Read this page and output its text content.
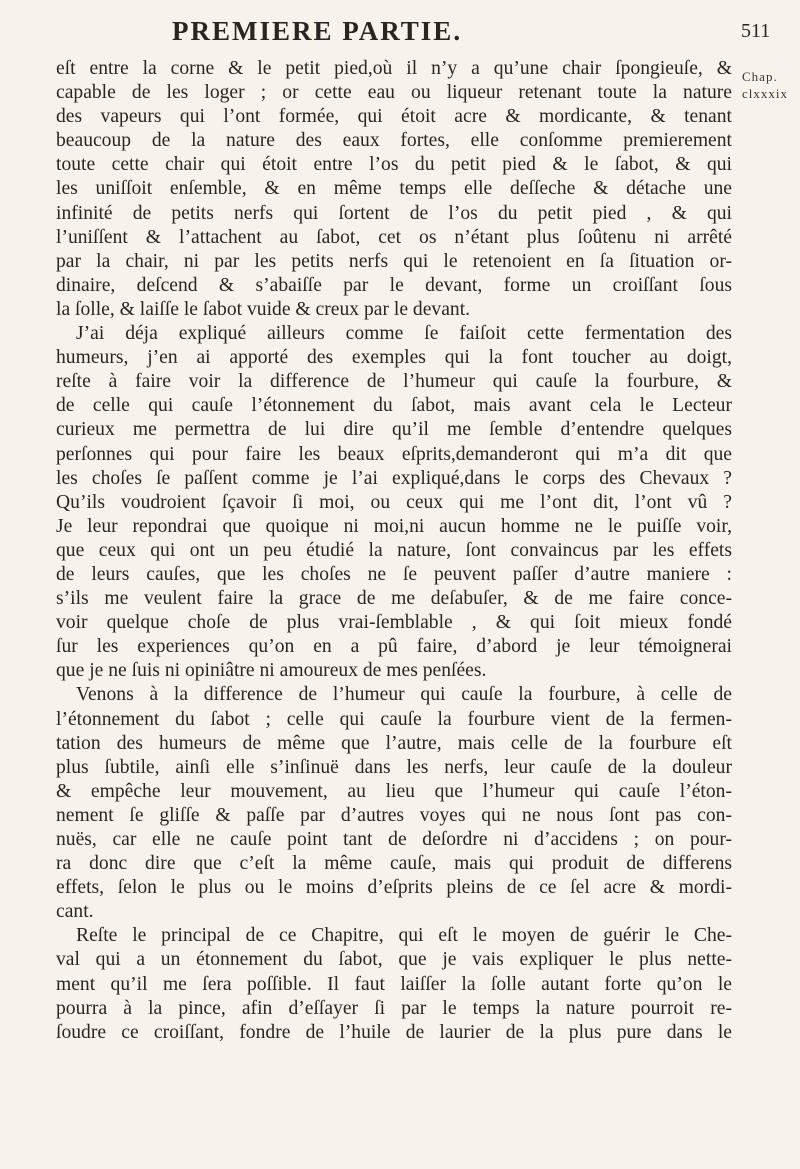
PREMIERE PARTIE.	511
Chap.
clxxxix
eſt entre la corne & le petit pied,où il n’y a qu’une chair ſpongieuſe, &
capable de les loger ; or cette eau ou liqueur retenant toute la nature
des vapeurs qui l’ont formée, qui étoit acre & mordicante, & tenant
beaucoup de la nature des eaux fortes, elle conſomme premierement
toute cette chair qui étoit entre l’os du petit pied & le ſabot, & qui
les uniſſoit enſemble, & en même temps elle deſſeche & détache une
infinité de petits nerfs qui ſortent de l’os du petit pied , & qui
l’uniſſent & l’attachent au ſabot, cet os n’étant plus ſoûtenu ni arrêté
par la chair, ni par les petits nerfs qui le retenoient en ſa ſituation or-
dinaire, deſcend & s’abaiſſe par le devant, forme un croiſſant ſous
la ſolle, & laiſſe le ſabot vuide & creux par le devant.
J’ai déja expliqué ailleurs comme ſe faiſoit cette fermentation des
humeurs, j’en ai apporté des exemples qui la font toucher au doigt,
reſte à faire voir la difference de l’humeur qui cauſe la fourbure, &
de celle qui cauſe l’étonnement du ſabot, mais avant cela le Lecteur
curieux me permettra de lui dire qu’il me ſemble d’entendre quelques
perſonnes qui pour faire les beaux eſprits,demanderont qui m’a dit que
les choſes ſe paſſent comme je l’ai expliqué,dans le corps des Chevaux ?
Qu’ils voudroient ſçavoir ſi moi, ou ceux qui me l’ont dit, l’ont vû ?
Je leur repondrai que quoique ni moi,ni aucun homme ne le puiſſe voir,
que ceux qui ont un peu étudié la nature, ſont convaincus par les effets
de leurs cauſes, que les choſes ne ſe peuvent paſſer d’autre maniere :
s’ils me veulent faire la grace de me deſabuſer, & de me faire conce-
voir quelque choſe de plus vrai-ſemblable , & qui ſoit mieux fondé
ſur les experiences qu’on en a pû faire, d’abord je leur témoignerai
que je ne ſuis ni opiniâtre ni amoureux de mes penſées.
Venons à la difference de l’humeur qui cauſe la fourbure, à celle de
l’étonnement du ſabot ; celle qui cauſe la fourbure vient de la fermen-
tation des humeurs de même que l’autre, mais celle de la fourbure eſt
plus ſubtile, ainſi elle s’inſinuë dans les nerfs, leur cauſe de la douleur
& empêche leur mouvement, au lieu que l’humeur qui cauſe l’éton-
nement ſe gliſſe & paſſe par d’autres voyes qui ne nous ſont pas con-
nuës, car elle ne cauſe point tant de deſordre ni d’accidens ; on pour-
ra donc dire que c’eſt la même cauſe, mais qui produit de differens
effets, ſelon le plus ou le moins d’eſprits pleins de ce ſel acre & mordi-
cant.
Reſte le principal de ce Chapitre, qui eſt le moyen de guérir le Che-
val qui a un étonnement du ſabot, que je vais expliquer le plus nette-
ment qu’il me ſera poſſible. Il faut laiſſer la ſolle autant forte qu’on le
pourra à la pince, afin d’eſſayer ſi par le temps la nature pourroit re-
ſoudre ce croiſſant, fondre de l’huile de laurier de la plus pure dans le
